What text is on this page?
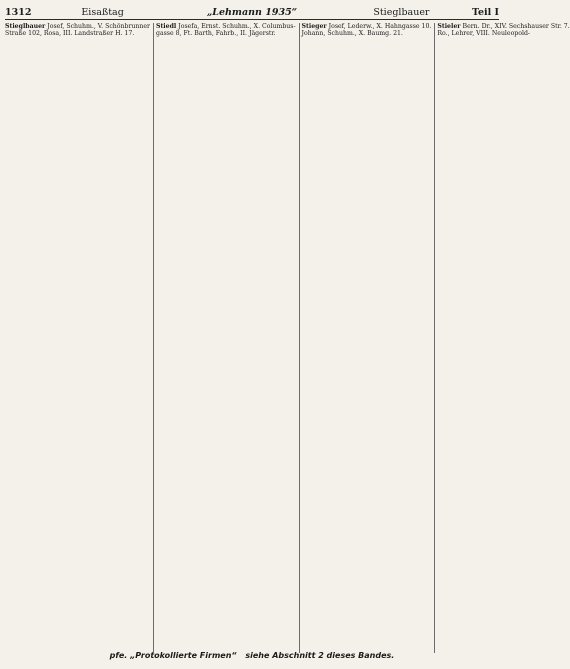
1312	Eisaßtag	„Lehmann 1935“	Stieglbauer	Teil I
Stieglbauer Josef, Schuhm., V. Schönbrunner
Straße 102, Rosa, III. Landstraßer H. 17.
Stiedl Josefa, Ernst. Schuhm., X. Columbus-
gasse 8, Ft. Barth, Fahrb., II. Jägerstr.
Stieger Josef, Lederw., X. Hahngasse 10.
Johann, Schuhm., X. Baumg. 21.
Stieler Bern. Dr., XIV. Sechshauser Str. 7.
Ro., Lehrer, VIII. Neuleopold-
pfe. „Protokollierte Firmen“ siehe Abschnitt 2 dieses Bandes.
